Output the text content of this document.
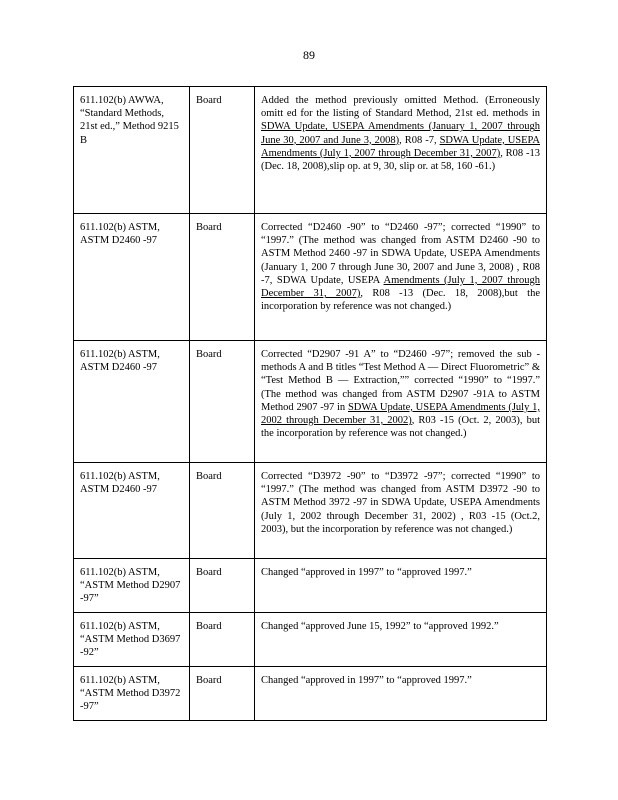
89
611.102(b) AWWA, “Standard Methods, 21st ed.,” Method 9215 B	Board	Added the method previously omitted Method. (Erroneously omitt ed for the listing of Standard Method, 21st ed. methods in SDWA Update, USEPA Amendments (January 1, 2007 through June 30, 2007 and June 3, 2008), R08 -7, SDWA Update, USEPA Amendments (July 1, 2007 through December 31, 2007), R08 -13 (Dec. 18, 2008),slip op. at 9, 30, slip or. at 58, 160 -61.)
611.102(b) ASTM, ASTM D2460 -97	Board	Corrected “D2460 -90” to “D2460 -97”; corrected “1990” to “1997.” (The method was changed from ASTM D2460 -90 to ASTM Method 2460 -97 in SDWA Update, USEPA Amendments (January 1, 200 7 through June 30, 2007 and June 3, 2008) , R08 -7, SDWA Update, USEPA Amendments (July 1, 2007 through December 31, 2007), R08 -13 (Dec. 18, 2008),but the incorporation by reference was not changed.)
611.102(b) ASTM, ASTM D2460 -97	Board	Corrected “D2907 -91 A” to “D2460 -97”; removed the sub -methods A and B titles “Test Method A — Direct Fluorometric” & “Test Method B — Extraction,”” corrected “1990” to “1997.” (The method was changed from ASTM D2907 -91A to ASTM Method 2907 -97 in SDWA Update, USEPA Amendments (July 1, 2002 through December 31, 2002), R03 -15 (Oct. 2, 2003), but the incorporation by reference was not changed.)
611.102(b) ASTM, ASTM D2460 -97	Board	Corrected “D3972 -90” to “D3972 -97”; corrected “1990” to “1997.” (The method was changed from ASTM D3972 -90 to ASTM Method 3972 -97 in SDWA Update, USEPA Amendments (July 1, 2002 through December 31, 2002) , R03 -15 (Oct.2, 2003), but the incorporation by reference was not changed.)
611.102(b) ASTM, “ASTM Method D2907 -97”	Board	Changed “approved in 1997” to “approved 1997.”
611.102(b) ASTM, “ASTM Method D3697 -92”	Board	Changed “approved June 15, 1992” to “approved 1992.”
611.102(b) ASTM, “ASTM Method D3972 -97”	Board	Changed “approved in 1997” to “approved 1997.”
